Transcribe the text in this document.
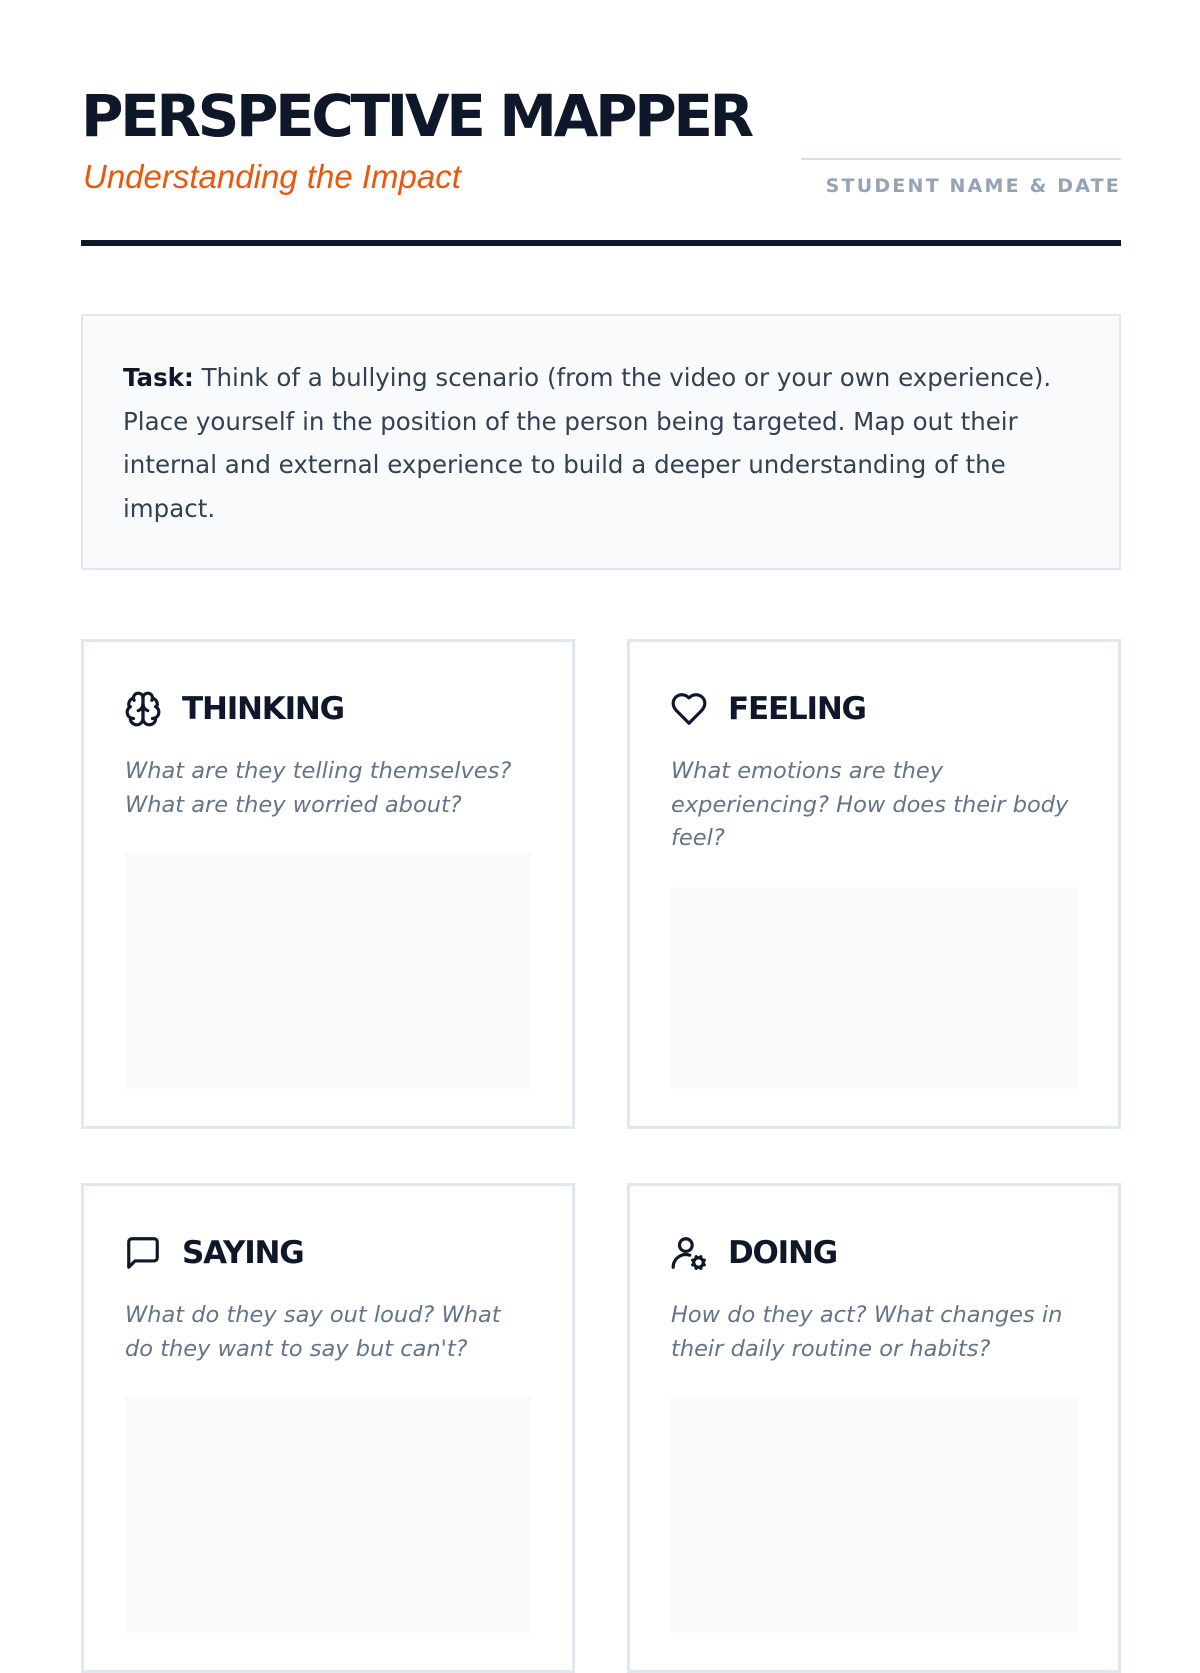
PERSPECTIVE MAPPER

Understanding the Impact	STUDENT NAME & DATE

Task: Think of a bullying scenario (from the video or your own experience). Place yourself in the position of the person being targeted. Map out their internal and external experience to build a deeper understanding of the impact.

THINKING

What are they telling themselves? What are they worried about?

FEELING

What emotions are they experiencing? How does their body feel?

SAYING

What do they say out loud? What do they want to say but can't?

DOING

How do they act? What changes in their daily routine or habits?
